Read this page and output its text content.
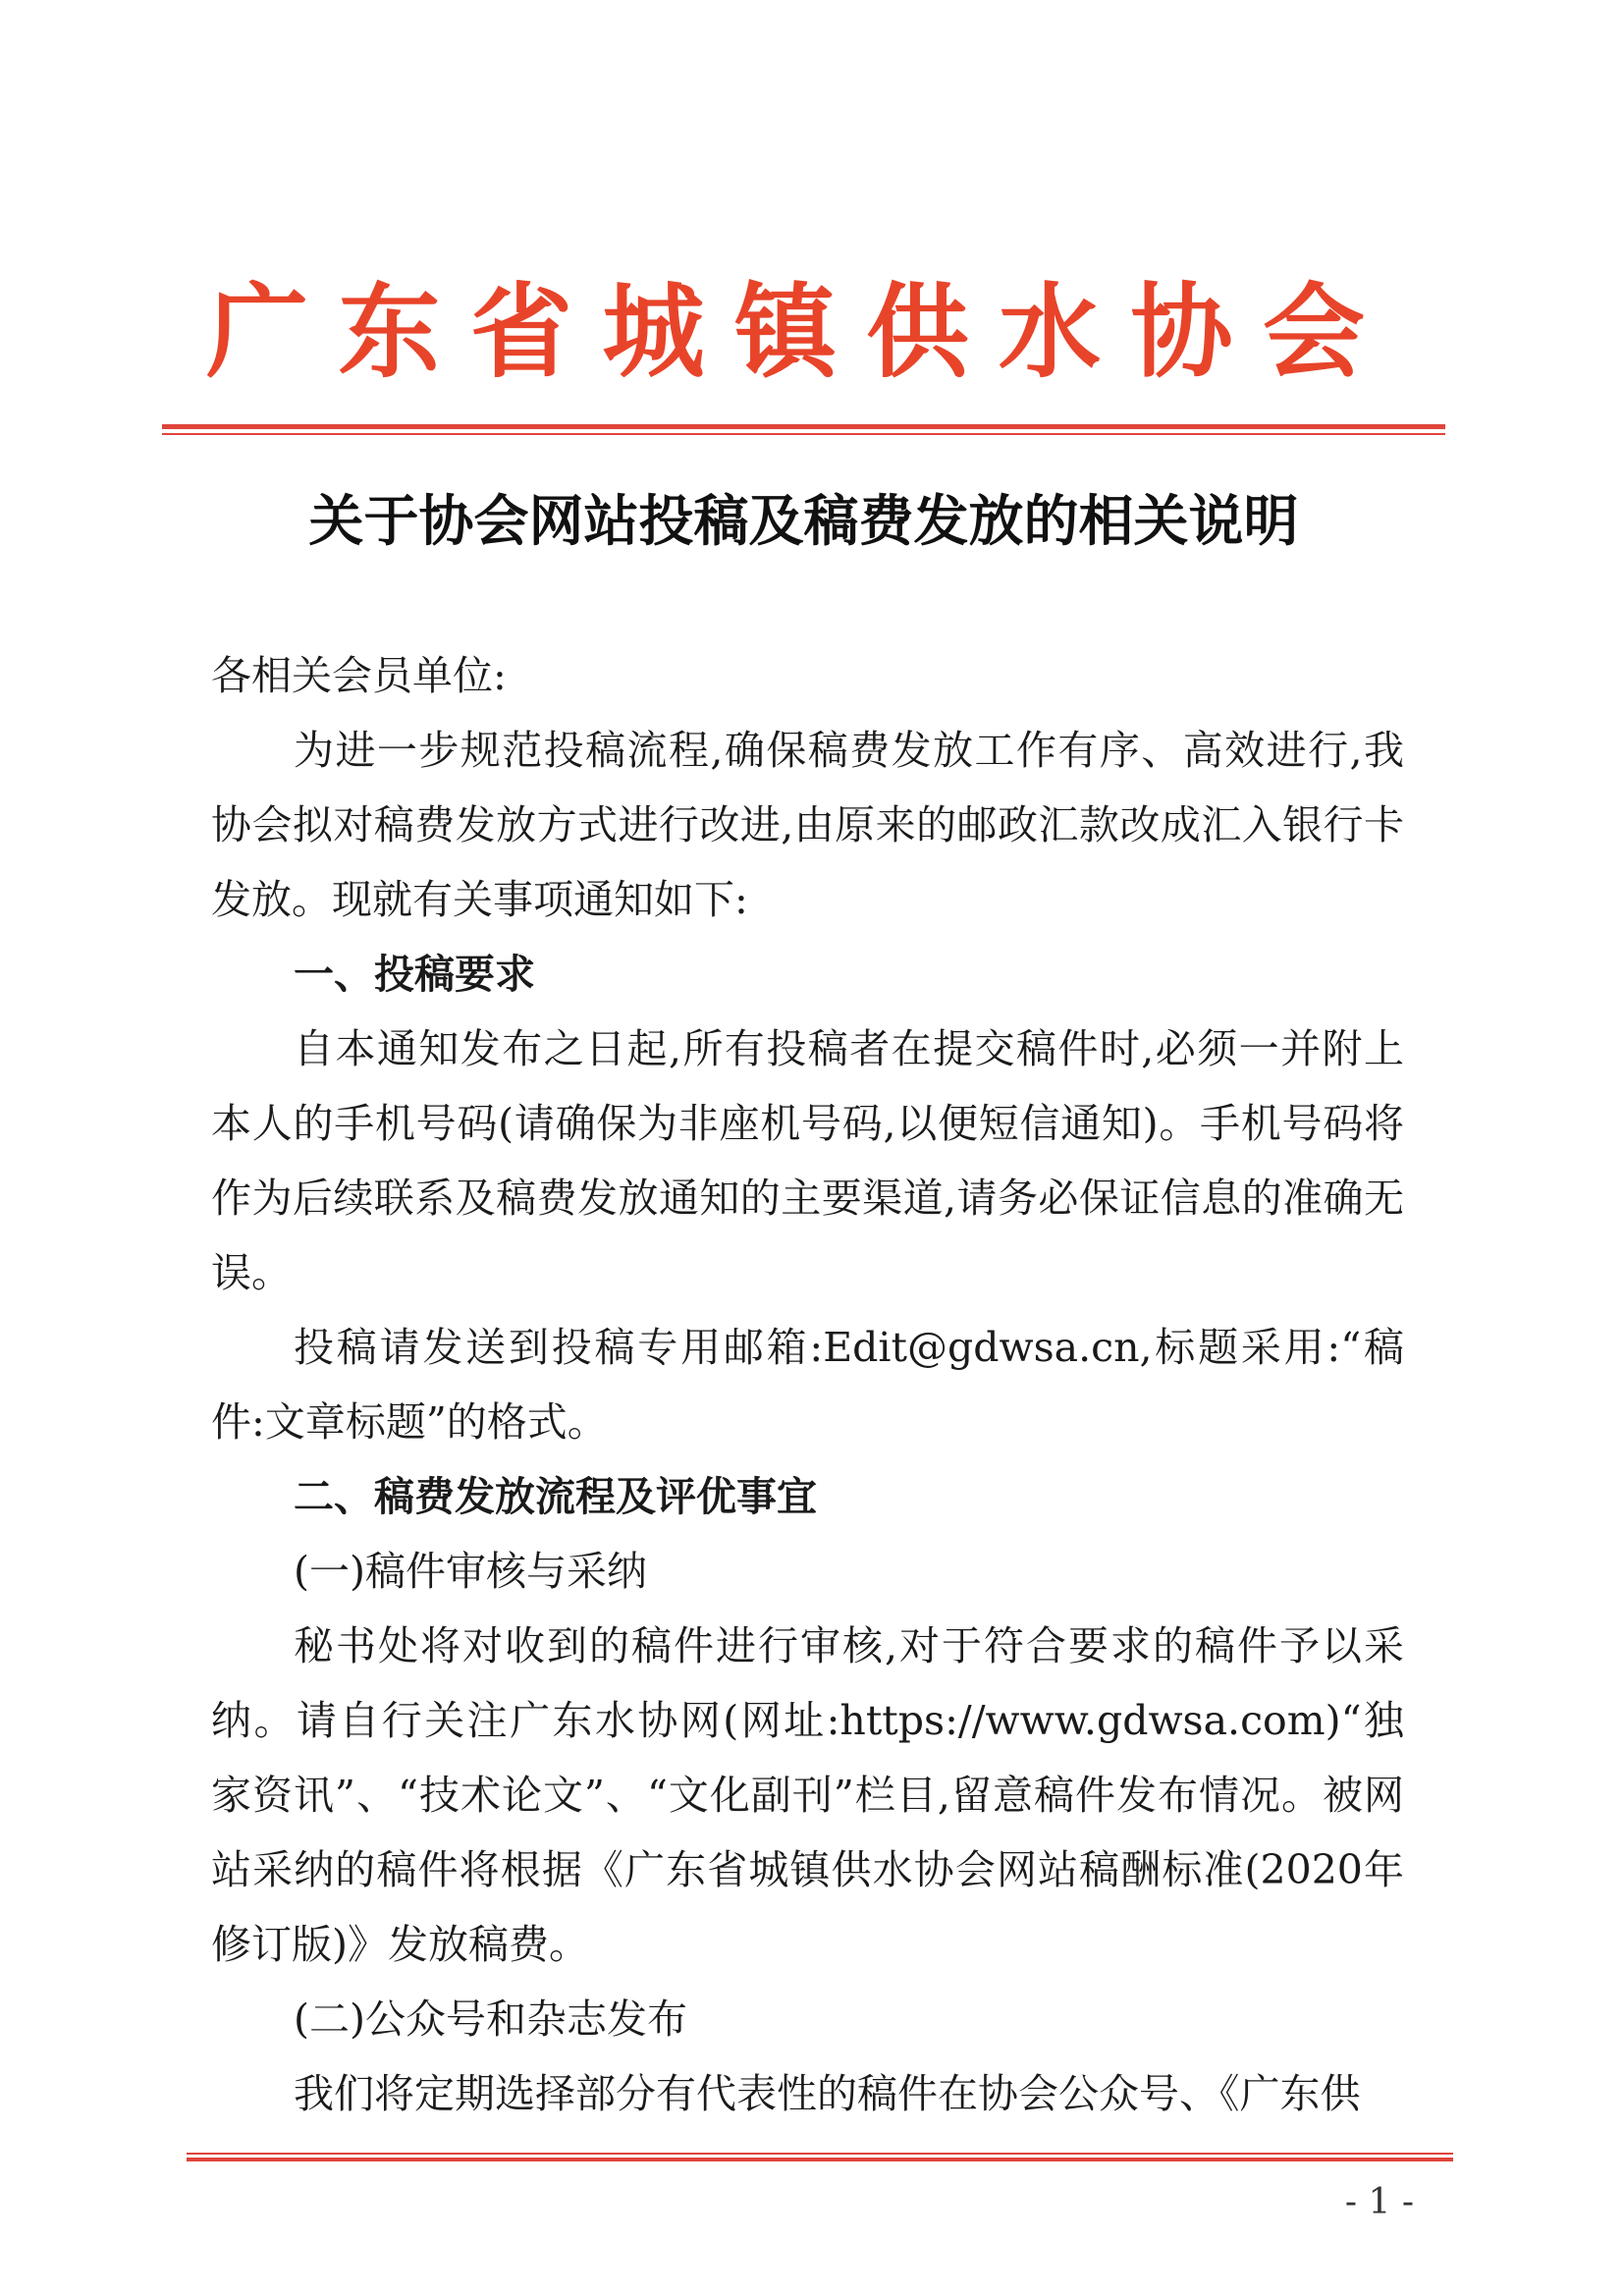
广东省城镇供水协会
关于协会网站投稿及稿费发放的相关说明

各相关会员单位:

为进一步规范投稿流程,确保稿费发放工作有序、高效进行,我协会拟对稿费发放方式进行改进,由原来的邮政汇款改成汇入银行卡发放。现就有关事项通知如下:

一、投稿要求

自本通知发布之日起,所有投稿者在提交稿件时,必须一并附上本人的手机号码(请确保为非座机号码,以便短信通知)。手机号码将作为后续联系及稿费发放通知的主要渠道,请务必保证信息的准确无误。

投稿请发送到投稿专用邮箱:Edit@gdwsa.cn,标题采用:“稿件:文章标题”的格式。

二、稿费发放流程及评优事宜

(一)稿件审核与采纳

秘书处将对收到的稿件进行审核,对于符合要求的稿件予以采纳。请自行关注广东水协网(网址:https://www.gdwsa.com)“独家资讯”、“技术论文”、“文化副刊”栏目,留意稿件发布情况。被网站采纳的稿件将根据《广东省城镇供水协会网站稿酬标准(2020年修订版)》发放稿费。

(二)公众号和杂志发布

我们将定期选择部分有代表性的稿件在协会公众号、《广东供

- 1 -
